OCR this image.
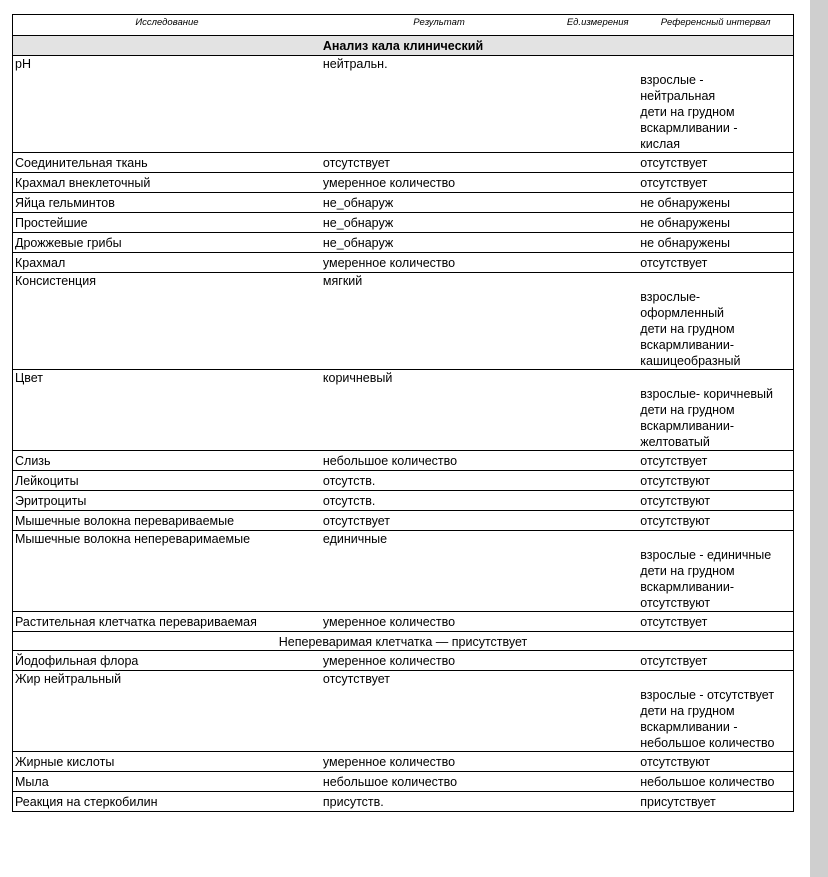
Исследование	Результат	Ед.измерения	Референсный интервал
Анализ кала клинический			
pH	нейтральн.		взрослые -
нейтральная
дети на грудном
вскармливании -
кислая

Соединительная ткань	отсутствует		отсутствует
Крахмал внеклеточный	умеренное количество		отсутствует
Яйца гельминтов	не_обнаруж		не обнаружены
Простейшие	не_обнаруж		не обнаружены
Дрожжевые грибы	не_обнаруж		не обнаружены
Крахмал	умеренное количество		отсутствует
Консистенция	мягкий		взрослые-
оформленный
дети на грудном
вскармливании-
кашицеобразный

Цвет	коричневый		взрослые- коричневый
дети на грудном
вскармливании-
желтоватый

Слизь	небольшое количество		отсутствует
Лейкоциты	отсутств.		отсутствуют
Эритроциты	отсутств.		отсутствуют
Мышечные волокна перевариваемые	отсутствует		отсутствуют
Мышечные волокна непереваримаемые	единичные		взрослые - единичные
дети на грудном
вскармливании-
отсутствуют

Растительная клетчатка перевариваемая	умеренное количество		отсутствует
Непереваримая клетчатка — присутствует			
Йодофильная флора	умеренное количество		отсутствует
Жир нейтральный	отсутствует		взрослые - отсутствует
дети на грудном
вскармливании -
небольшое количество

Жирные кислоты	умеренное количество		отсутствуют
Мыла	небольшое количество		небольшое количество
Реакция на стеркобилин	присутств.		присутствует
